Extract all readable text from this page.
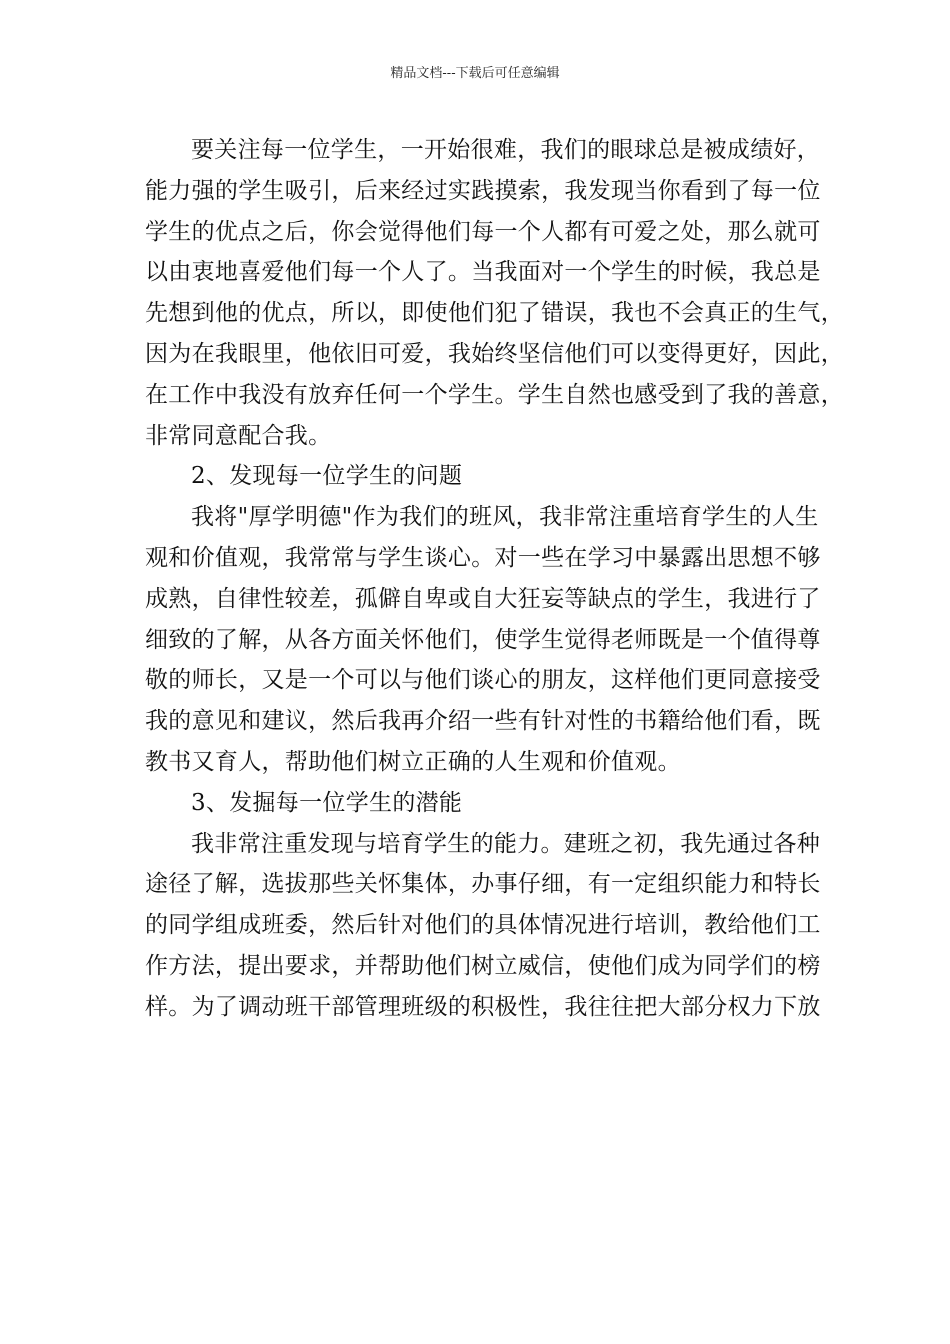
精品文档---下载后可任意编辑
要关注每一位学生，一开始很难，我们的眼球总是被成绩好，
能力强的学生吸引，后来经过实践摸索，我发现当你看到了每一位
学生的优点之后，你会觉得他们每一个人都有可爱之处，那么就可
以由衷地喜爱他们每一个人了。当我面对一个学生的时候，我总是
先想到他的优点，所以，即使他们犯了错误，我也不会真正的生气，
因为在我眼里，他依旧可爱，我始终坚信他们可以变得更好，因此，
在工作中我没有放弃任何一个学生。学生自然也感受到了我的善意，
非常同意配合我。
2、发现每一位学生的问题
我将"厚学明德"作为我们的班风，我非常注重培育学生的人生
观和价值观，我常常与学生谈心。对一些在学习中暴露出思想不够
成熟，自律性较差，孤僻自卑或自大狂妄等缺点的学生，我进行了
细致的了解，从各方面关怀他们，使学生觉得老师既是一个值得尊
敬的师长，又是一个可以与他们谈心的朋友，这样他们更同意接受
我的意见和建议，然后我再介绍一些有针对性的书籍给他们看，既
教书又育人，帮助他们树立正确的人生观和价值观。
3、发掘每一位学生的潜能
我非常注重发现与培育学生的能力。建班之初，我先通过各种
途径了解，选拔那些关怀集体，办事仔细，有一定组织能力和特长
的同学组成班委，然后针对他们的具体情况进行培训，教给他们工
作方法，提出要求，并帮助他们树立威信，使他们成为同学们的榜
样。为了调动班干部管理班级的积极性，我往往把大部分权力下放
